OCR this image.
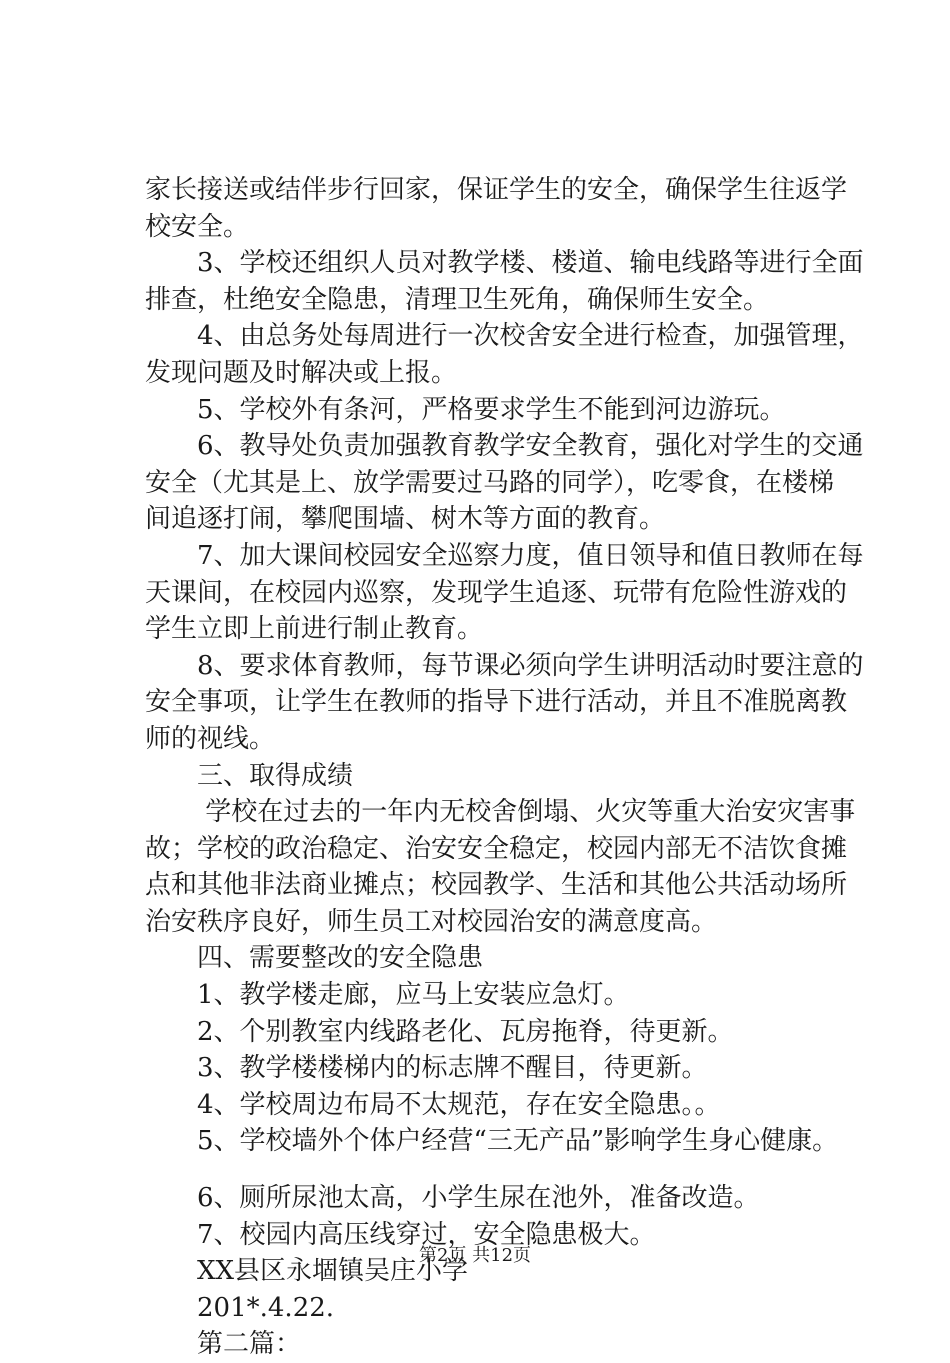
家长接送或结伴步行回家，保证学生的安全，确保学生往返学
校安全。
　　3、学校还组织人员对教学楼、楼道、输电线路等进行全面
排查，杜绝安全隐患，清理卫生死角，确保师生安全。
　　4、由总务处每周进行一次校舍安全进行检查，加强管理，
发现问题及时解决或上报。
　　5、学校外有条河，严格要求学生不能到河边游玩。
　　6、教导处负责加强教育教学安全教育，强化对学生的交通
安全（尤其是上、放学需要过马路的同学），吃零食，在楼梯
间追逐打闹，攀爬围墙、树木等方面的教育。
　　7、加大课间校园安全巡察力度，值日领导和值日教师在每
天课间，在校园内巡察，发现学生追逐、玩带有危险性游戏的
学生立即上前进行制止教育。
　　8、要求体育教师，每节课必须向学生讲明活动时要注意的
安全事项，让学生在教师的指导下进行活动，并且不准脱离教
师的视线。
　　三、取得成绩
　　 学校在过去的一年内无校舍倒塌、火灾等重大治安灾害事
故；学校的政治稳定、治安安全稳定，校园内部无不洁饮食摊
点和其他非法商业摊点；校园教学、生活和其他公共活动场所
治安秩序良好，师生员工对校园治安的满意度高。
　　四、需要整改的安全隐患
　　1、教学楼走廊，应马上安装应急灯。
　　2、个别教室内线路老化、瓦房拖脊，待更新。
　　3、教学楼楼梯内的标志牌不醒目，待更新。
　　4、学校周边布局不太规范，存在安全隐患。。
　　5、学校墙外个体户经营“三无产品”影响学生身心健康。
　　6、厕所尿池太高，小学生尿在池外，准备改造。
　　7、校园内高压线穿过，安全隐患极大。
　　XX县区永堌镇吴庄小学
　　201*.4.22.
　　第二篇：
第2页 共12页
